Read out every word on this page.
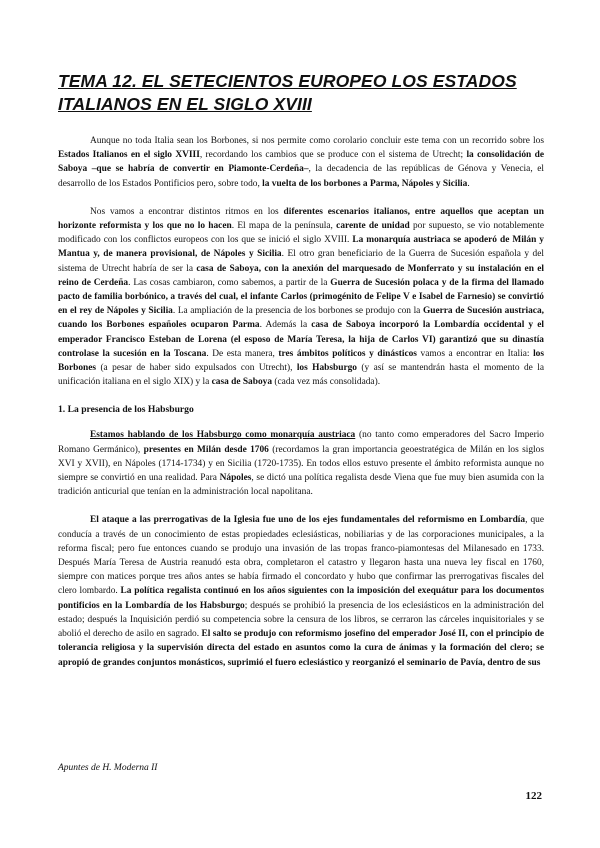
TEMA 12. EL SETECIENTOS EUROPEO LOS ESTADOS ITALIANOS EN EL SIGLO XVIII

Aunque no toda Italia sean los Borbones, si nos permite como corolario concluir este tema con un recorrido sobre los Estados Italianos en el siglo XVIII, recordando los cambios que se produce con el sistema de Utrecht; la consolidación de Saboya –que se habría de convertir en Piamonte-Cerdeña–, la decadencia de las repúblicas de Génova y Venecia, el desarrollo de los Estados Pontificios pero, sobre todo, la vuelta de los borbones a Parma, Nápoles y Sicilia.

Nos vamos a encontrar distintos ritmos en los diferentes escenarios italianos, entre aquellos que aceptan un horizonte reformista y los que no lo hacen. El mapa de la península, carente de unidad por supuesto, se vio notablemente modificado con los conflictos europeos con los que se inició el siglo XVIII. La monarquía austriaca se apoderó de Milán y Mantua y, de manera provisional, de Nápoles y Sicilia. El otro gran beneficiario de la Guerra de Sucesión española y del sistema de Utrecht habría de ser la casa de Saboya, con la anexión del marquesado de Monferrato y su instalación en el reino de Cerdeña. Las cosas cambiaron, como sabemos, a partir de la Guerra de Sucesión polaca y de la firma del llamado pacto de familia borbónico, a través del cual, el infante Carlos (primogénito de Felipe V e Isabel de Farnesio) se convirtió en el rey de Nápoles y Sicilia. La ampliación de la presencia de los borbones se produjo con la Guerra de Sucesión austriaca, cuando los Borbones españoles ocuparon Parma. Además la casa de Saboya incorporó la Lombardía occidental y el emperador Francisco Esteban de Lorena (el esposo de María Teresa, la hija de Carlos VI) garantizó que su dinastía controlase la sucesión en la Toscana. De esta manera, tres ámbitos políticos y dinásticos vamos a encontrar en Italia: los Borbones (a pesar de haber sido expulsados con Utrecht), los Habsburgo (y así se mantendrán hasta el momento de la unificación italiana en el siglo XIX) y la casa de Saboya (cada vez más consolidada).

1. La presencia de los Habsburgo

Estamos hablando de los Habsburgo como monarquía austriaca (no tanto como emperadores del Sacro Imperio Romano Germánico), presentes en Milán desde 1706 (recordamos la gran importancia geoestratégica de Milán en los siglos XVI y XVII), en Nápoles (1714-1734) y en Sicilia (1720-1735). En todos ellos estuvo presente el ámbito reformista aunque no siempre se convirtió en una realidad. Para Nápoles, se dictó una política regalista desde Viena que fue muy bien asumida con la tradición anticurial que tenían en la administración local napolitana.

El ataque a las prerrogativas de la Iglesia fue uno de los ejes fundamentales del reformismo en Lombardía, que conducía a través de un conocimiento de estas propiedades eclesiásticas, nobiliarias y de las corporaciones municipales, a la reforma fiscal; pero fue entonces cuando se produjo una invasión de las tropas franco-piamontesas del Milanesado en 1733. Después María Teresa de Austria reanudó esta obra, completaron el catastro y llegaron hasta una nueva ley fiscal en 1760, siempre con matices porque tres años antes se había firmado el concordato y hubo que confirmar las prerrogativas fiscales del clero lombardo. La política regalista continuó en los años siguientes con la imposición del exequátur para los documentos pontificios en la Lombardía de los Habsburgo; después se prohibió la presencia de los eclesiásticos en la administración del estado; después la Inquisición perdió su competencia sobre la censura de los libros, se cerraron las cárceles inquisitoriales y se abolió el derecho de asilo en sagrado. El salto se produjo con reformismo josefino del emperador José II, con el principio de tolerancia religiosa y la supervisión directa del estado en asuntos como la cura de ánimas y la formación del clero; se apropió de grandes conjuntos monásticos, suprimió el fuero eclesiástico y reorganizó el seminario de Pavía, dentro de sus

Apuntes de H. Moderna II
122
